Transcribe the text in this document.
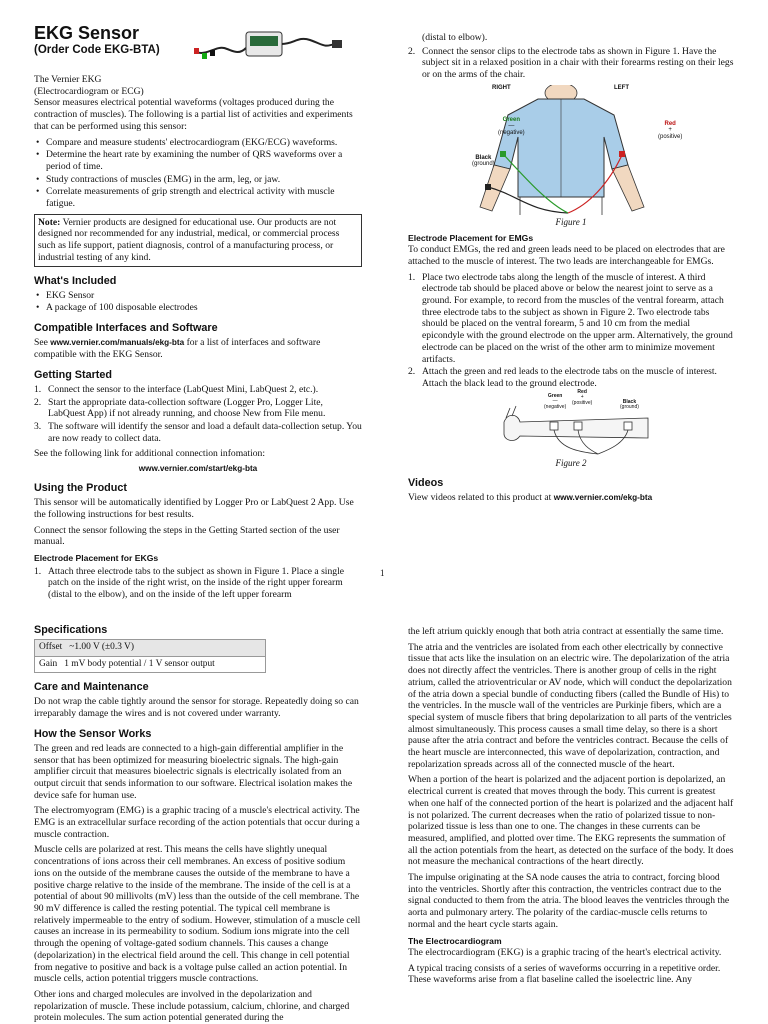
EKG Sensor
(Order Code EKG-BTA)
The Vernier EKG
(Electrocardiogram or ECG)

Sensor measures electrical potential waveforms (voltages produced during the contraction of muscles). The following is a partial list of activities and experiments that can be performed using this sensor:

• Compare and measure students' electrocardiogram (EKG/ECG) waveforms.
• Determine the heart rate by examining the number of QRS waveforms over a period of time.
• Study contractions of muscles (EMG) in the arm, leg, or jaw.
• Correlate measurements of grip strength and electrical activity with muscle fatigue.
Note: Vernier products are designed for educational use. Our products are not designed nor recommended for any industrial, medical, or commercial process such as life support, patient diagnosis, control of a manufacturing process, or industrial testing of any kind.
What's Included
• EKG Sensor
• A package of 100 disposable electrodes
Compatible Interfaces and Software

See www.vernier.com/manuals/ekg-bta for a list of interfaces and software compatible with the EKG Sensor.

Getting Started
1. Connect the sensor to the interface (LabQuest Mini, LabQuest 2, etc.).
2. Start the appropriate data-collection software (Logger Pro, Logger Lite, LabQuest App) if not already running, and choose New from File menu.
3. The software will identify the sensor and load a default data-collection setup. You are now ready to collect data.

See the following link for additional connection infomation:

www.vernier.com/start/ekg-bta

Using the Product

This sensor will be automatically identified by Logger Pro or LabQuest 2 App. Use the following instructions for best results.

Connect the sensor following the steps in the Getting Started section of the user manual.

Electrode Placement for EKGs
1. Attach three electrode tabs to the subject as shown in Figure 1. Place a single patch on the inside of the right wrist, on the inside of the right upper forearm (distal to the elbow), and on the inside of the left upper forearm
(distal to elbow).
2. Connect the sensor clips to the electrode tabs as shown in Figure 1. Have the subject sit in a relaxed position in a chair with their forearms resting on their legs or on the arms of the chair.
RIGHT	LEFT
Green
—
(negative)
Red
+
(positive)
Black
(ground)
Figure 1
Electrode Placement for EMGs

To conduct EMGs, the red and green leads need to be placed on electrodes that are attached to the muscle of interest. The two leads are interchangeable for EMGs.

1. Place two electrode tabs along the length of the muscle of interest. A third electrode tab should be placed above or below the nearest joint to serve as a ground. For example, to record from the muscles of the ventral forearm, attach three electrode tabs to the subject as shown in Figure 2. Two electrode tabs should be placed on the ventral forearm, 5 and 10 cm from the medial epicondyle with the ground electrode on the upper arm. Alternatively, the ground electrode can be placed on the wrist of the other arm to minimize movement artifacts.
2. Attach the green and red leads to the electrode tabs on the muscle of interest. Attach the black lead to the ground electrode.
Green
—
(negative)
Red
+
(positive)	Black
(ground)
Figure 2
Videos

View videos related to this product at www.vernier.com/ekg-bta

1
Specifications
Offset ~1.00 V (±0.3 V)
Gain 1 mV body potential / 1 V sensor output
Care and Maintenance

Do not wrap the cable tightly around the sensor for storage. Repeatedly doing so can irreparably damage the wires and is not covered under warranty.

How the Sensor Works

The green and red leads are connected to a high-gain differential amplifier in the sensor that has been optimized for measuring bioelectric signals. The high-gain amplifier circuit that measures bioelectric signals is electrically isolated from an output circuit that sends information to our software. Electrical isolation makes the device safe for human use.

The electromyogram (EMG) is a graphic tracing of a muscle's electrical activity. The EMG is an extracellular surface recording of the action potentials that occur during a muscle contraction.

Muscle cells are polarized at rest. This means the cells have slightly unequal concentrations of ions across their cell membranes. An excess of positive sodium ions on the outside of the membrane causes the outside of the membrane to have a positive charge relative to the inside of the membrane. The inside of the cell is at a potential of about 90 millivolts (mV) less than the outside of the cell membrane. The 90 mV difference is called the resting potential. The typical cell membrane is relatively impermeable to the entry of sodium. However, stimulation of a muscle cell causes an increase in its permeability to sodium. Sodium ions migrate into the cell through the opening of voltage-gated sodium channels. This causes a change (depolarization) in the electrical field around the cell. This change in cell potential from negative to positive and back is a voltage pulse called an action potential. In muscle cells, action potential triggers muscle contractions.

Other ions and charged molecules are involved in the depolarization and repolarization of muscle. These include potassium, calcium, chlorine, and charged protein molecules. The sum action potential generated during the

the left atrium quickly enough that both atria contract at essentially the same time.

The atria and the ventricles are isolated from each other electrically by connective tissue that acts like the insulation on an electric wire. The depolarization of the atria does not directly affect the ventricles. There is another group of cells in the right atrium, called the atrioventricular or AV node, which will conduct the depolarization of the atria down a special bundle of conducting fibers (called the Bundle of His) to the ventricles. In the muscle wall of the ventricles are Purkinje fibers, which are a special system of muscle fibers that bring depolarization to all parts of the ventricles almost simultaneously. This process causes a small time delay, so there is a short pause after the atria contract and before the ventricles contract. Because the cells of the heart muscle are interconnected, this wave of depolarization, contraction, and repolarization spreads across all of the connected muscle of the heart.

When a portion of the heart is polarized and the adjacent portion is depolarized, an electrical current is created that moves through the body. This current is greatest when one half of the connected portion of the heart is polarized and the adjacent half is not polarized. The current decreases when the ratio of polarized tissue to non-polarized tissue is less than one to one. The changes in these currents can be measured, amplified, and plotted over time. The EKG represents the summation of all the action potentials from the heart, as detected on the surface of the body. It does not measure the mechanical contractions of the heart directly.

The impulse originating at the SA node causes the atria to contract, forcing blood into the ventricles. Shortly after this contraction, the ventricles contract due to the signal conducted to them from the atria. The blood leaves the ventricles through the aorta and pulmonary artery. The polarity of the cardiac-muscle cells returns to normal and the heart cycle starts again.

The Electrocardiogram

The electrocardiogram (EKG) is a graphic tracing of the heart's electrical activity.

A typical tracing consists of a series of waveforms occurring in a repetitive order. These waveforms arise from a flat baseline called the isoelectric line. Any
